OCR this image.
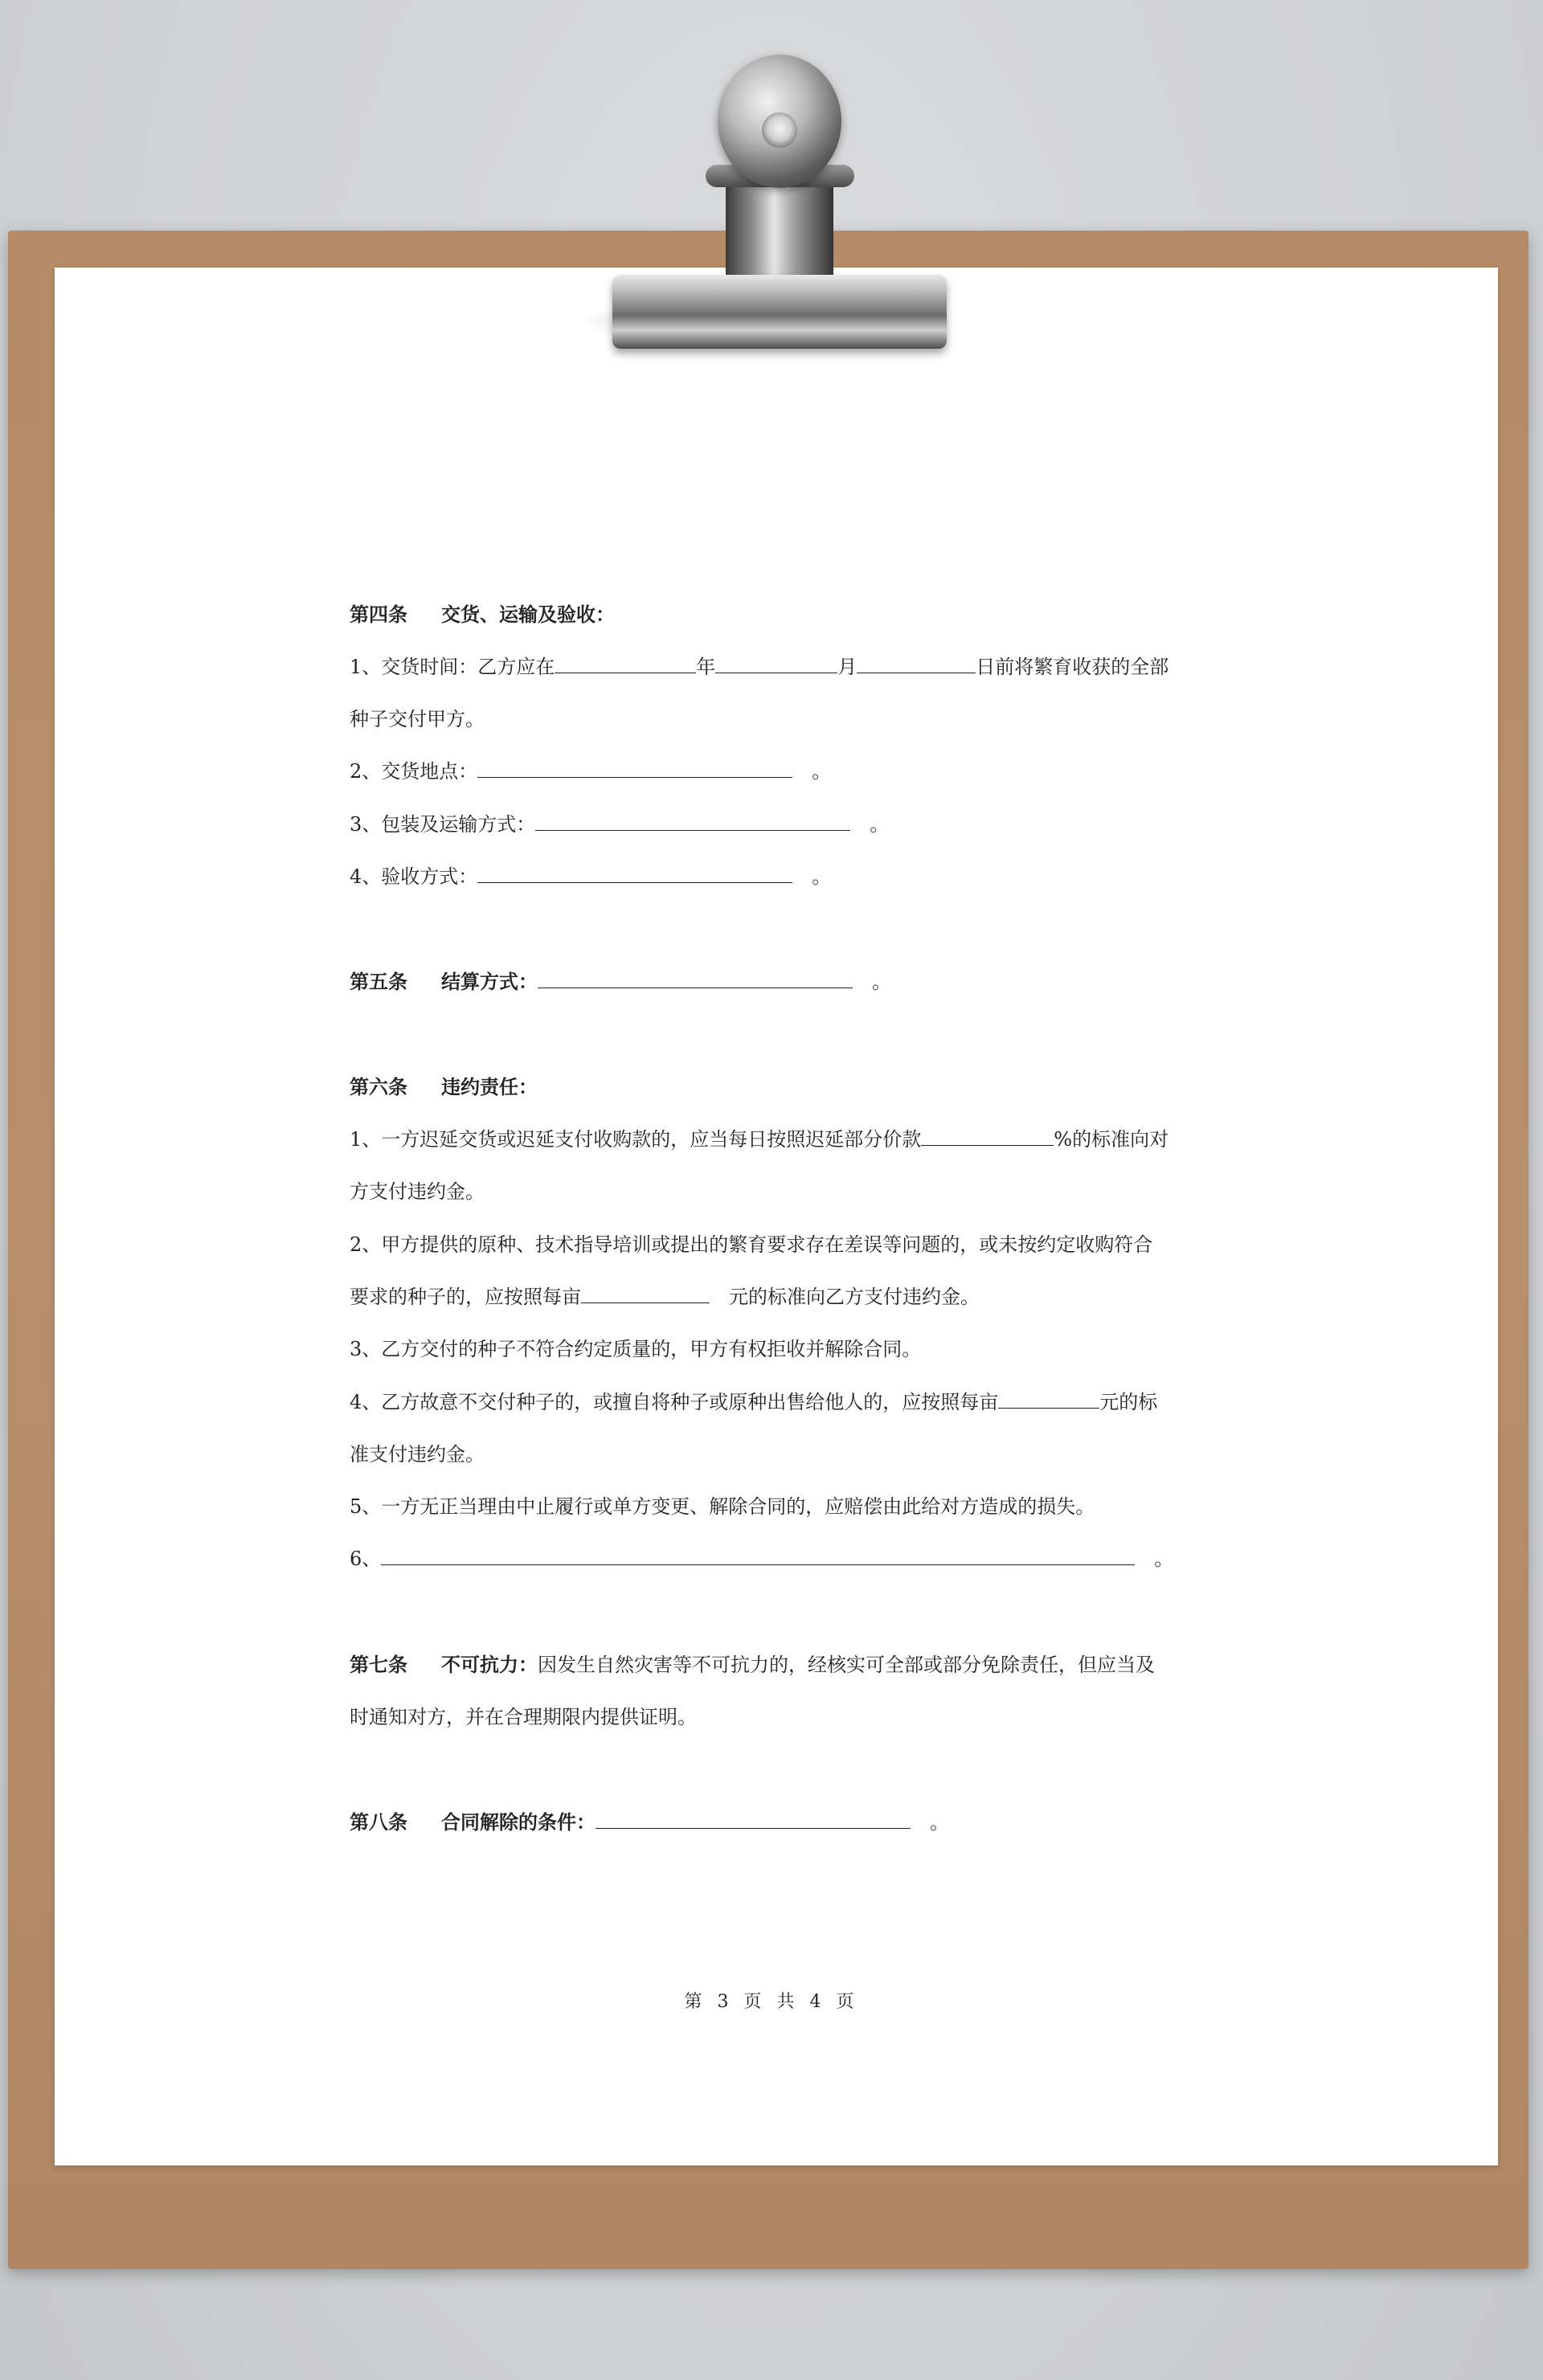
第四条 交货、运输及验收：
1、交货时间：乙方应在	年	月	日前将繁育收获的全部
种子交付甲方。
2、交货地点：	。
3、包装及运输方式：	。
4、验收方式：	。
第五条 结算方式：	。
第六条 违约责任：
1、一方迟延交货或迟延支付收购款的，应当每日按照迟延部分价款	%的标准向对
方支付违约金。
2、甲方提供的原种、技术指导培训或提出的繁育要求存在差误等问题的，或未按约定收购符合
要求的种子的，应按照每亩	元的标准向乙方支付违约金。
3、乙方交付的种子不符合约定质量的，甲方有权拒收并解除合同。
4、乙方故意不交付种子的，或擅自将种子或原种出售给他人的，应按照每亩	元的标
准支付违约金。
5、一方无正当理由中止履行或单方变更、解除合同的，应赔偿由此给对方造成的损失。
6、	。
第七条 不可抗力：因发生自然灾害等不可抗力的，经核实可全部或部分免除责任，但应当及
时通知对方，并在合理期限内提供证明。
第八条 合同解除的条件：	。
第 3 页 共 4 页
